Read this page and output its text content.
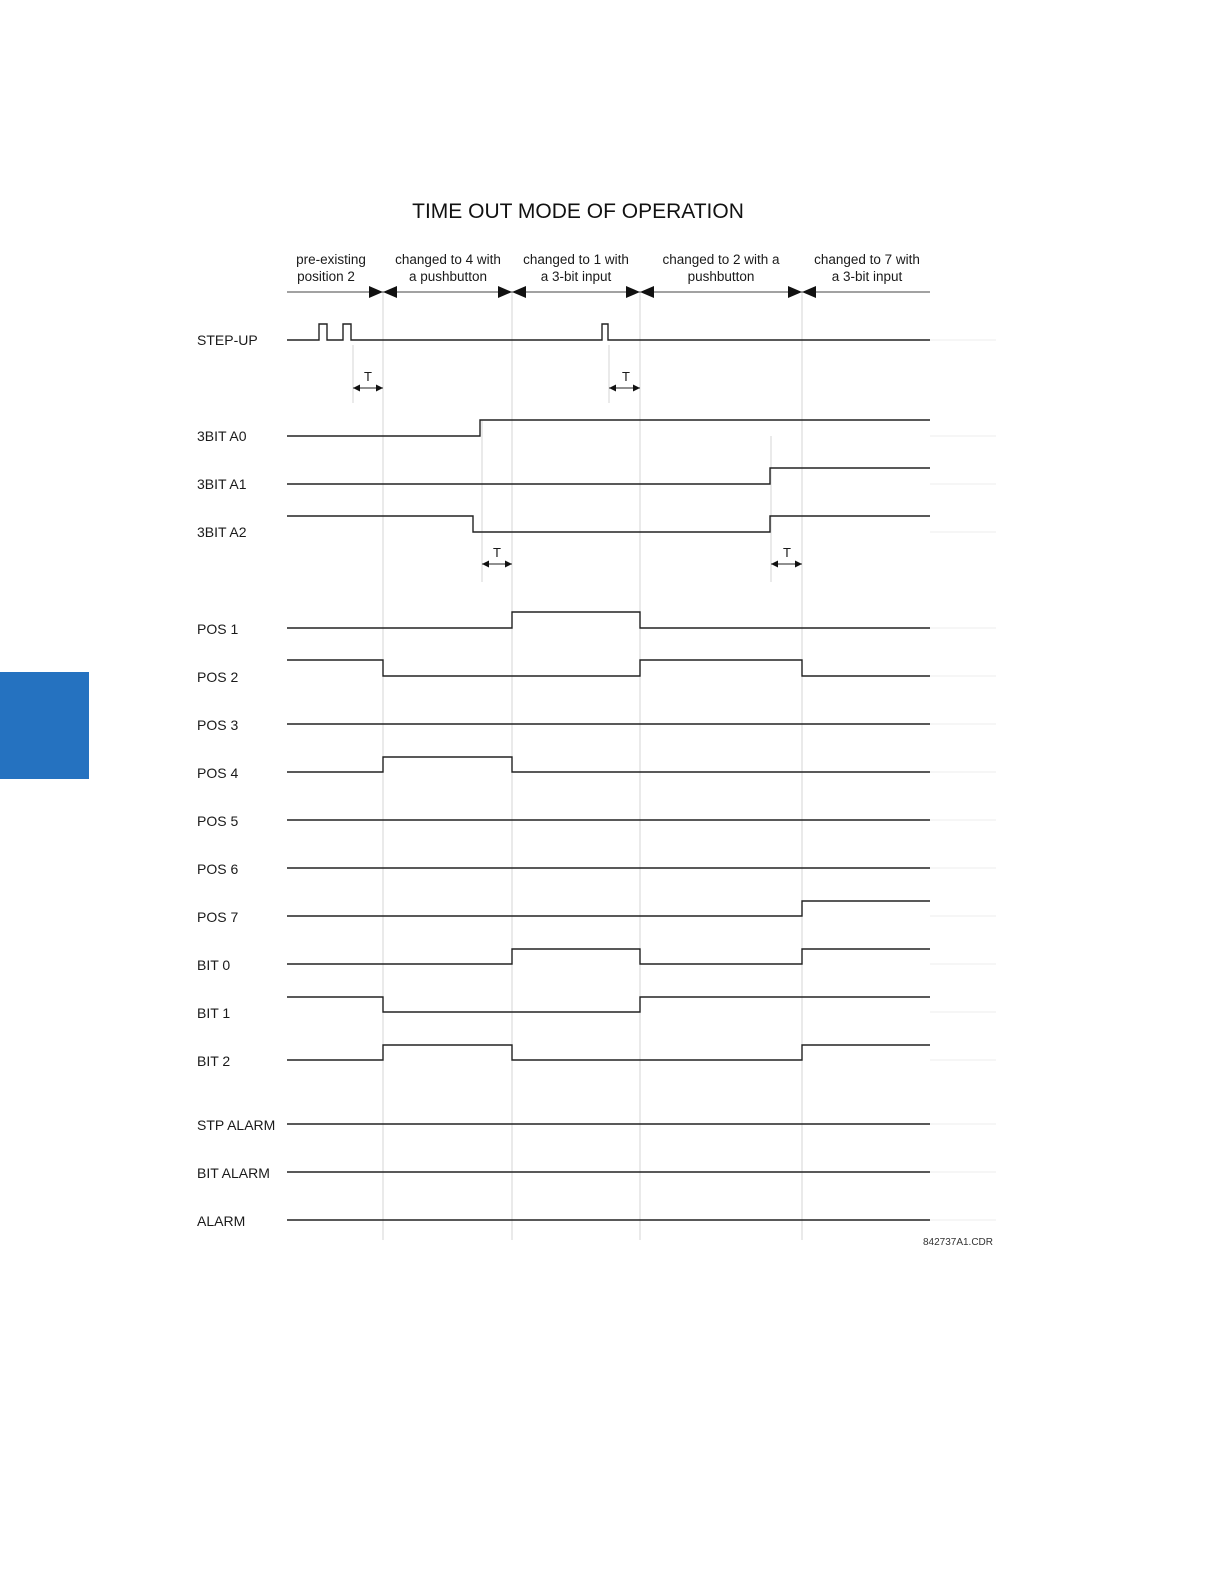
TIME OUT MODE OF OPERATION
pre-existing
position 2
changed to 4 with
a pushbutton
changed to 1 with
a 3-bit input
changed to 2 with a
pushbutton
changed to 7 with
a 3-bit input
STEP-UP
3BIT A0
3BIT A1
3BIT A2
POS 1
POS 2
POS 3
POS 4
POS 5
POS 6
POS 7
BIT 0
BIT 1
BIT 2
STP ALARM
BIT ALARM
ALARM
T	T
T	T
842737A1.CDR
